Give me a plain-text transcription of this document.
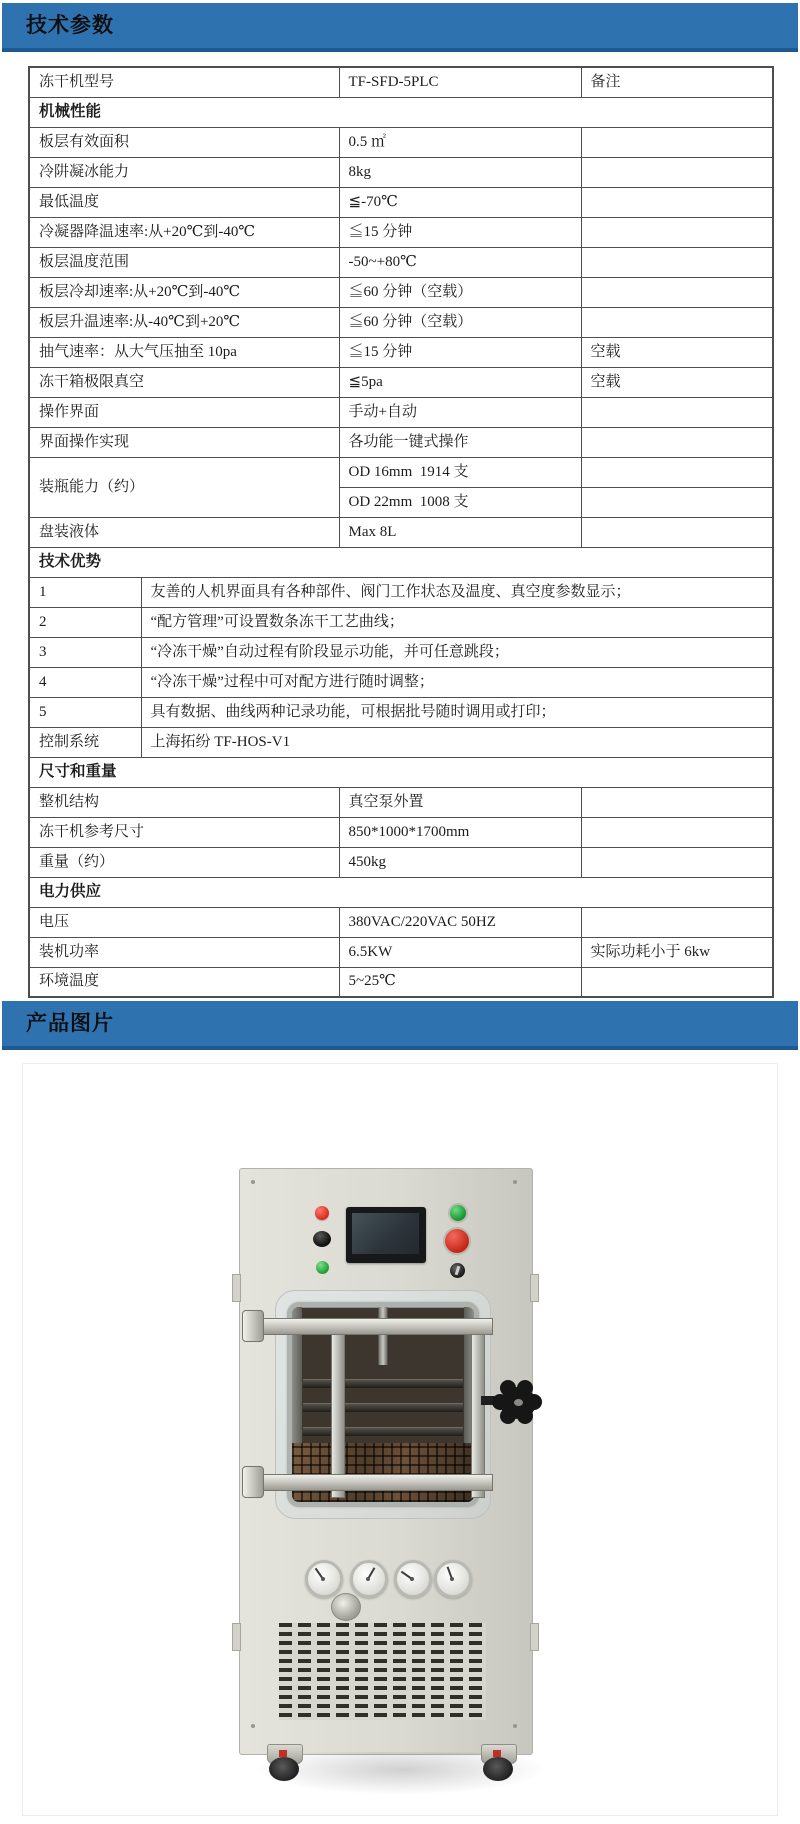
技术参数
冻干机型号		TF-SFD-5PLC	备注
机械性能			
板层有效面积		0.5 ㎡	
冷阱凝冰能力		8kg	
最低温度		≦-70℃	
冷凝器降温速率:从+20℃到-40℃		≦15 分钟	
板层温度范围		-50~+80℃	
板层冷却速率:从+20℃到-40℃		≦60 分钟（空载）	
板层升温速率:从-40℃到+20℃		≦60 分钟（空载）	
抽气速率：从大气压抽至 10pa		≦15 分钟	空载
冻干箱极限真空		≦5pa	空载
操作界面		手动+自动	
界面操作实现		各功能一键式操作	
装瓶能力（约）		OD 16mm  1914 支	
		OD 22mm  1008 支	
盘装液体		Max 8L	
技术优势			
1	友善的人机界面具有各种部件、阀门工作状态及温度、真空度参数显示；		
2	“配方管理”可设置数条冻干工艺曲线；		
3	“冷冻干燥”自动过程有阶段显示功能，并可任意跳段；		
4	“冷冻干燥”过程中可对配方进行随时调整；		
5	具有数据、曲线两种记录功能，可根据批号随时调用或打印；		
控制系统	上海拓纷 TF-HOS-V1		
尺寸和重量			
整机结构		真空泵外置	
冻干机参考尺寸		850*1000*1700mm	
重量（约）		450kg	
电力供应			
电压		380VAC/220VAC 50HZ	
装机功率		6.5KW	实际功耗小于 6kw
环境温度		5~25℃	
产品图片
